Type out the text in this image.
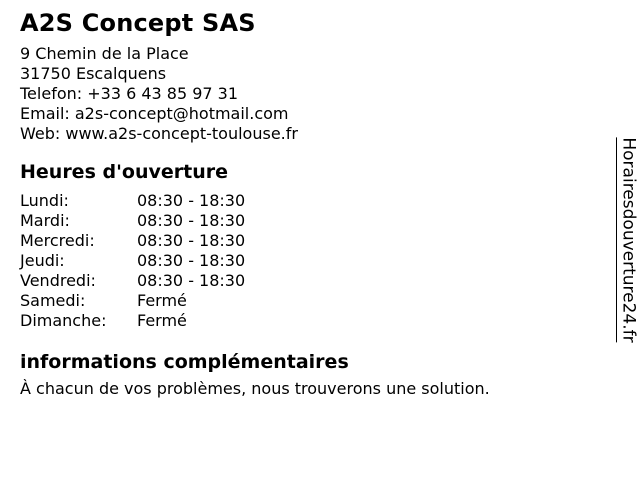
A2S Concept SAS
9 Chemin de la Place
31750 Escalquens
Telefon: +33 6 43 85 97 31
Email: a2s-concept@hotmail.com
Web: www.a2s-concept-toulouse.fr
Heures d'ouverture
Lundi:	08:30 - 18:30
Mardi:	08:30 - 18:30
Mercredi:	08:30 - 18:30
Jeudi:	08:30 - 18:30
Vendredi:	08:30 - 18:30
Samedi:	Fermé
Dimanche:	Fermé
informations complémentaires

À chacun de vos problèmes, nous trouverons une solution.

Horairesdouverture24.fr
